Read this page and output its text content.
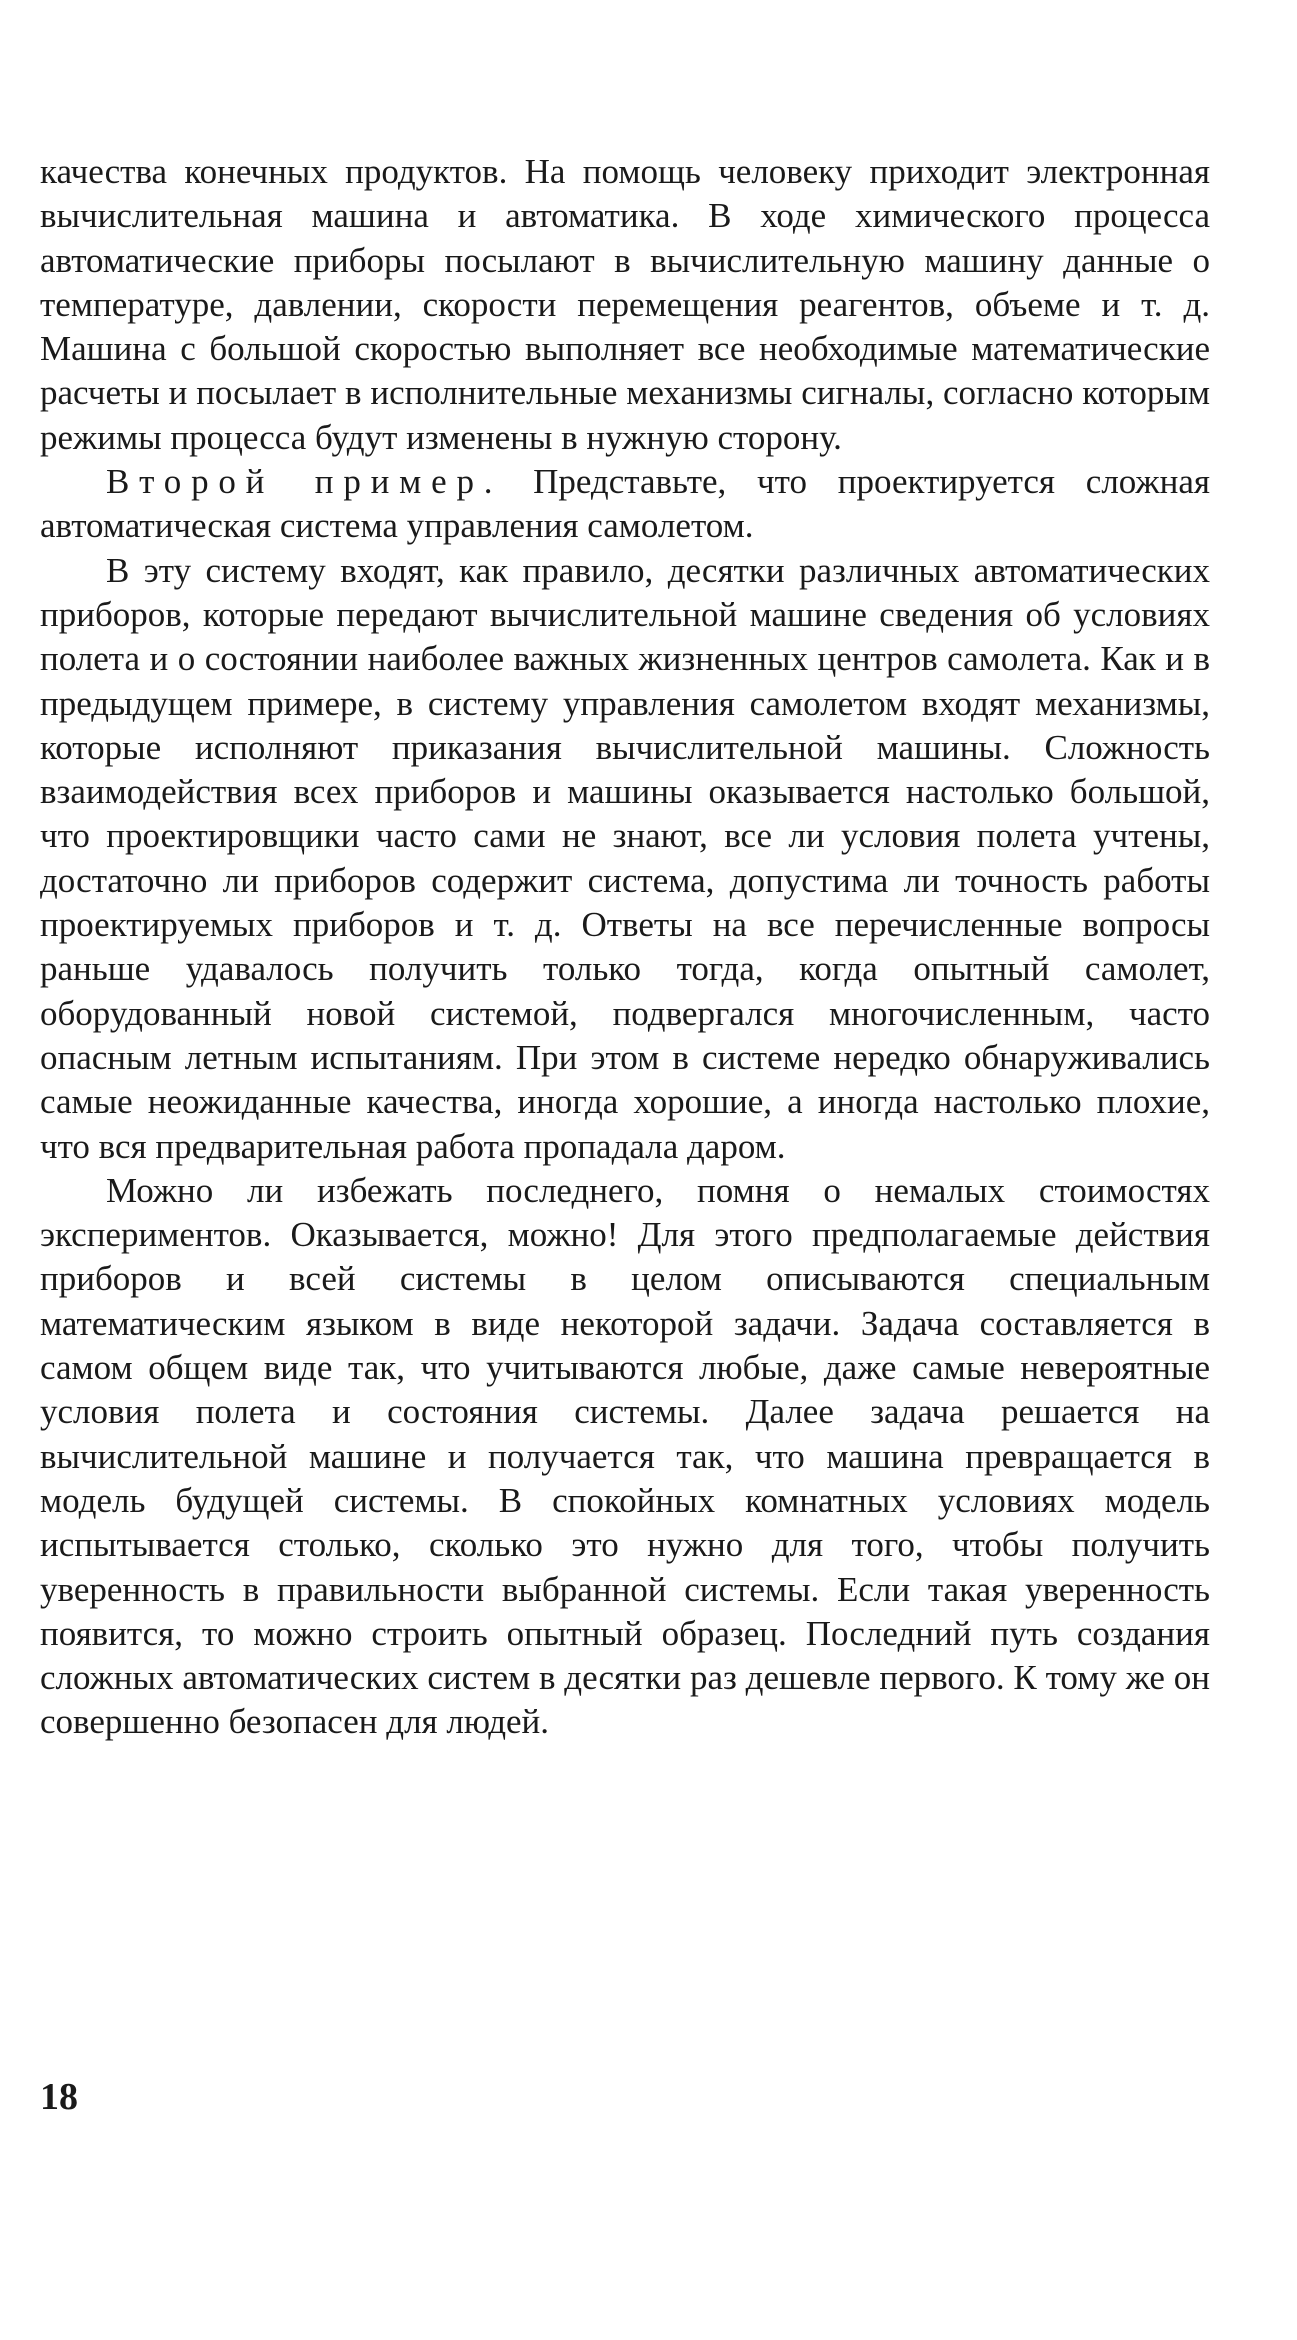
качества конечных продуктов. На помощь человеку приходит электронная вычислительная машина и автоматика. В ходе химического процесса автоматические приборы посылают в вычислительную машину данные о температуре, давлении, скорости перемещения реагентов, объеме и т. д. Машина с большой скоростью выполняет все необходимые математические расчеты и посылает в исполнительные механизмы сигналы, согласно которым режимы процесса будут изменены в нужную сторону.

Второй пример. Представьте, что проектируется сложная автоматическая система управления самолетом.

В эту систему входят, как правило, десятки различных автоматических приборов, которые передают вычислительной машине сведения об условиях полета и о состоянии наиболее важных жизненных центров самолета. Как и в предыдущем примере, в систему управления самолетом входят механизмы, которые исполняют приказания вычислительной машины. Сложность взаимодействия всех приборов и машины оказывается настолько большой, что проектировщики часто сами не знают, все ли условия полета учтены, достаточно ли приборов содержит система, допустима ли точность работы проектируемых приборов и т. д. Ответы на все перечисленные вопросы раньше удавалось получить только тогда, когда опытный самолет, оборудованный новой системой, подвергался многочисленным, часто опасным летным испытаниям. При этом в системе нередко обнаруживались самые неожиданные качества, иногда хорошие, а иногда настолько плохие, что вся предварительная работа пропадала даром.

Можно ли избежать последнего, помня о немалых стоимостях экспериментов. Оказывается, можно! Для этого предполагаемые действия приборов и всей системы в целом описываются специальным математическим языком в виде некоторой задачи. Задача составляется в самом общем виде так, что учитываются любые, даже самые невероятные условия полета и состояния системы. Далее задача решается на вычислительной машине и получается так, что машина превращается в модель будущей системы. В спокойных комнатных условиях модель испытывается столько, сколько это нужно для того, чтобы получить уверенность в правильности выбранной системы. Если такая уверенность появится, то можно строить опытный образец. Последний путь создания сложных автоматических систем в десятки раз дешевле первого. К тому же он совершенно безопасен для людей.

18
